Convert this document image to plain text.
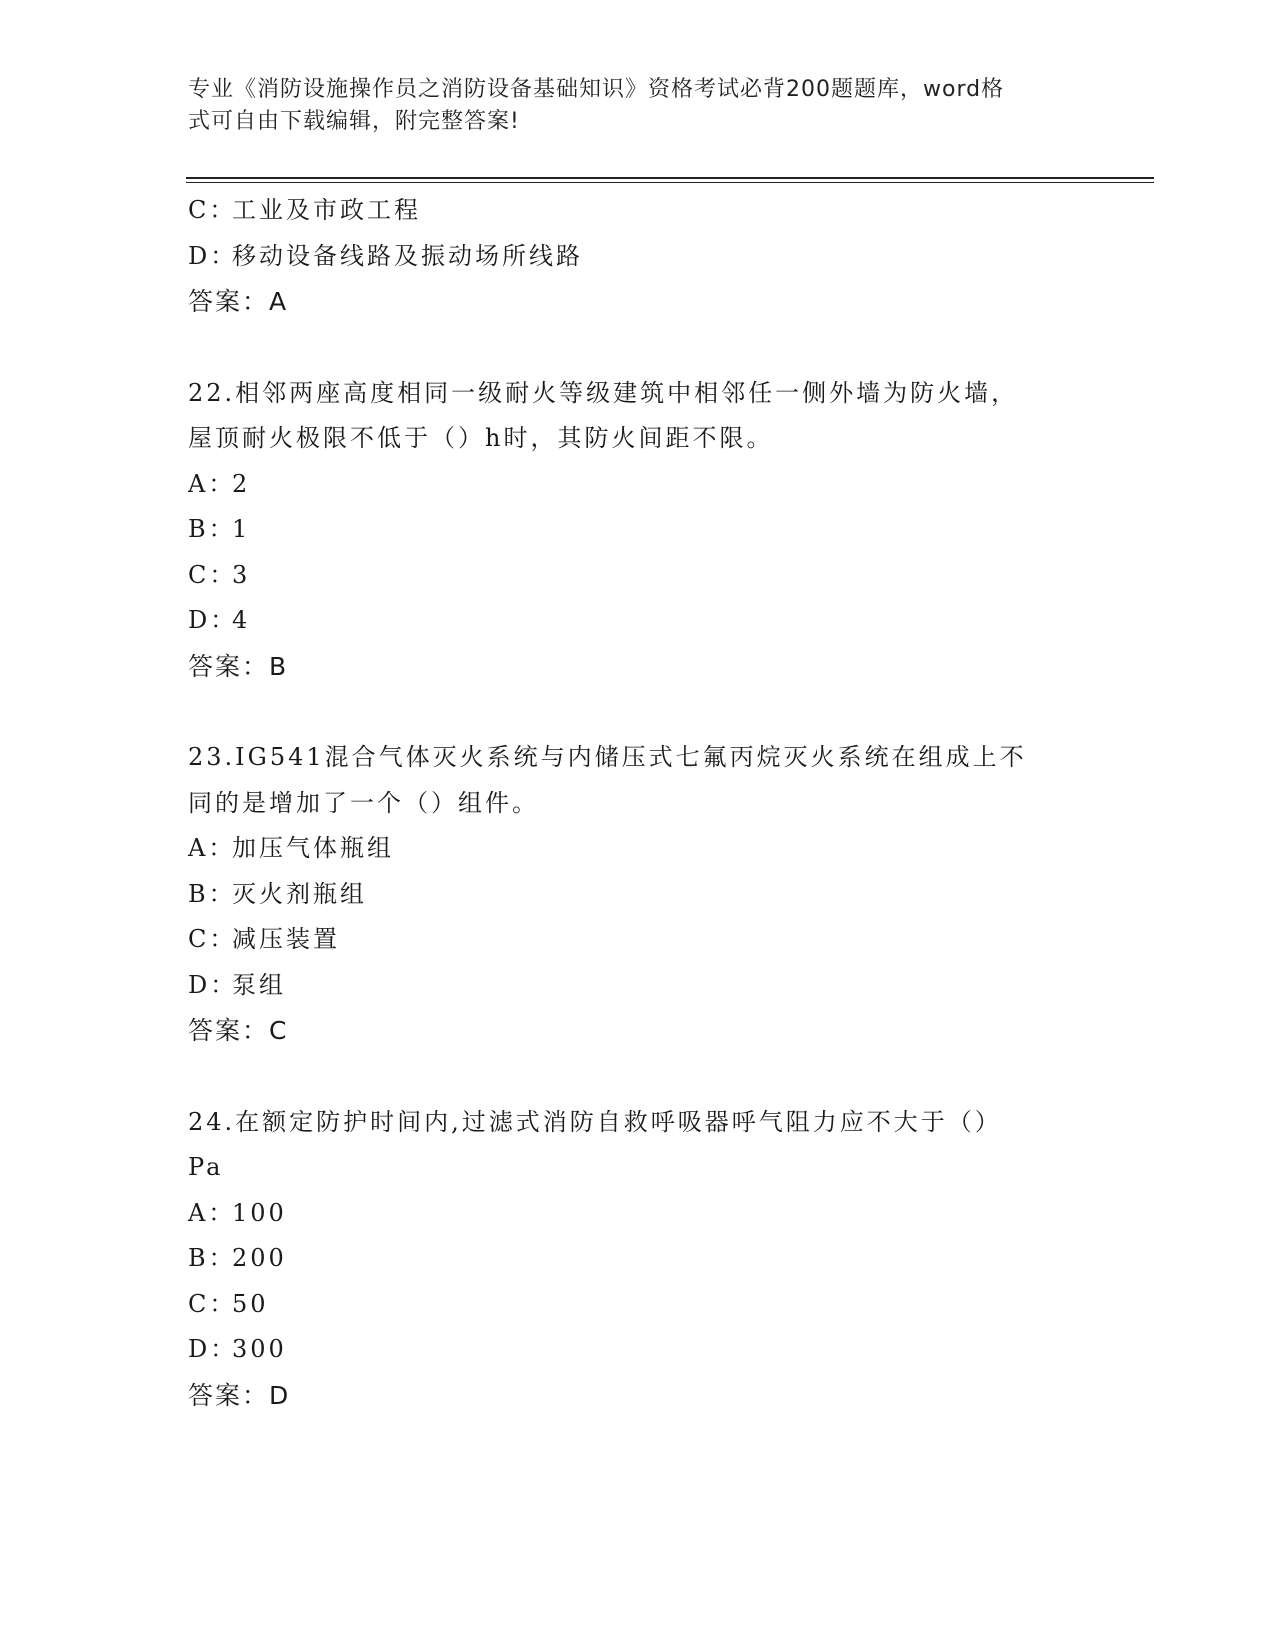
专业《消防设施操作员之消防设备基础知识》资格考试必背200题题库，word格
式可自由下载编辑，附完整答案!
C：工业及市政工程
D：移动设备线路及振动场所线路
答案：A
22.相邻两座高度相同一级耐火等级建筑中相邻任一侧外墙为防火墙，
屋顶耐火极限不低于（）h时，其防火间距不限。
A：2
B：1
C：3
D：4
答案：B
23.IG541混合气体灭火系统与内储压式七氟丙烷灭火系统在组成上不
同的是增加了一个（）组件。
A：加压气体瓶组
B：灭火剂瓶组
C：减压装置
D：泵组
答案：C
24.在额定防护时间内,过滤式消防自救呼吸器呼气阻力应不大于（）
Pa
A：100
B：200
C：50
D：300
答案：D
